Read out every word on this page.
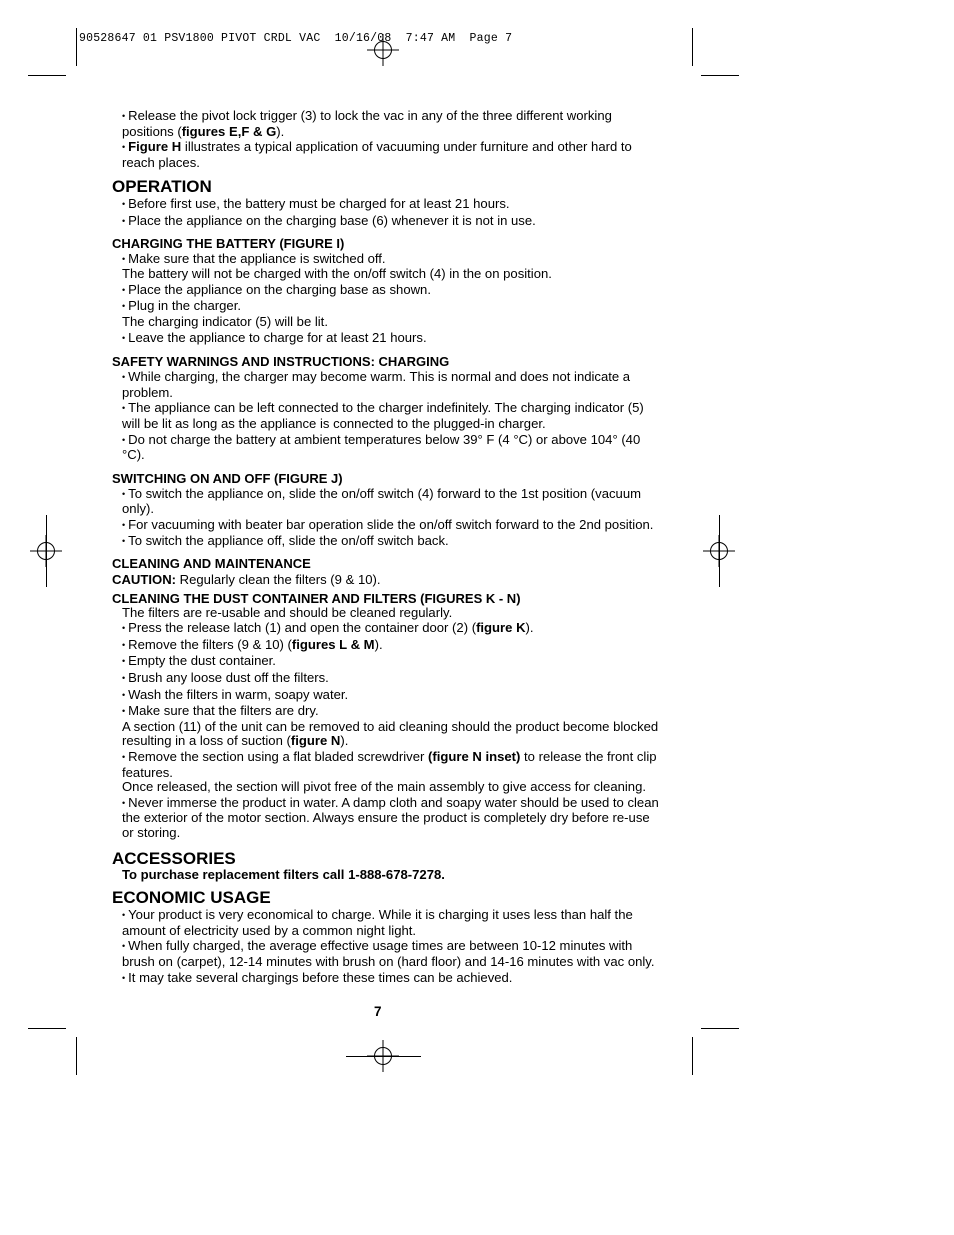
90528647 01 PSV1800 PIVOT CRDL VAC  10/16/08  7:47 AM  Page 7

• Release the pivot lock trigger (3) to lock the vac in any of the three different working positions (figures E,F & G).

• Figure H illustrates a typical application of vacuuming under furniture and other hard to reach places.

OPERATION

• Before first use, the battery must be charged for at least 21 hours.

• Place the appliance on the charging base (6) whenever it is not in use.

CHARGING THE BATTERY (FIGURE I)

• Make sure that the appliance is switched off.

The battery will not be charged with the on/off switch (4) in the on position.

• Place the appliance on the charging base as shown.

• Plug in the charger.

The charging indicator (5) will be lit.

• Leave the appliance to charge for at least 21 hours.

SAFETY WARNINGS AND INSTRUCTIONS: CHARGING

• While charging, the charger may become warm. This is normal and does not indicate a problem.

• The appliance can be left connected to the charger indefinitely. The charging indicator (5) will be lit as long as the appliance is connected to the plugged-in charger.

• Do not charge the battery at ambient temperatures below 39° F (4 °C) or above 104° (40 °C).

SWITCHING ON AND OFF (FIGURE J)

• To switch the appliance on, slide the on/off switch (4) forward to the 1st position (vacuum only).

• For vacuuming with beater bar operation slide the on/off switch forward to the 2nd position.

• To switch the appliance off, slide the on/off switch back.

CLEANING AND MAINTENANCE

CAUTION: Regularly clean the filters (9 & 10).

CLEANING THE DUST CONTAINER AND FILTERS (FIGURES K - N)

The filters are re-usable and should be cleaned regularly.

• Press the release latch (1) and open the container door (2) (figure K).

• Remove the filters (9 & 10) (figures L & M).

• Empty the dust container.

• Brush any loose dust off the filters.

• Wash the filters in warm, soapy water.

• Make sure that the filters are dry.

A section (11) of the unit can be removed to aid cleaning should the product become blocked resulting in a loss of suction (figure N).

• Remove the section using a flat bladed screwdriver (figure N inset) to release the front clip features.

Once released, the section will pivot free of the main assembly to give access for cleaning.

• Never immerse the product in water. A damp cloth and soapy water should be used to clean the exterior of the motor section. Always ensure the product is completely dry before re-use or storing.

ACCESSORIES

To purchase replacement filters call 1-888-678-7278.

ECONOMIC USAGE

• Your product is very economical to charge. While it is charging it uses less than half the amount of electricity used by a common night light.

• When fully charged, the average effective usage times are between 10-12 minutes with brush on (carpet), 12-14 minutes with brush on (hard floor) and 14-16 minutes with vac only.

• It may take several chargings before these times can be achieved.

7
